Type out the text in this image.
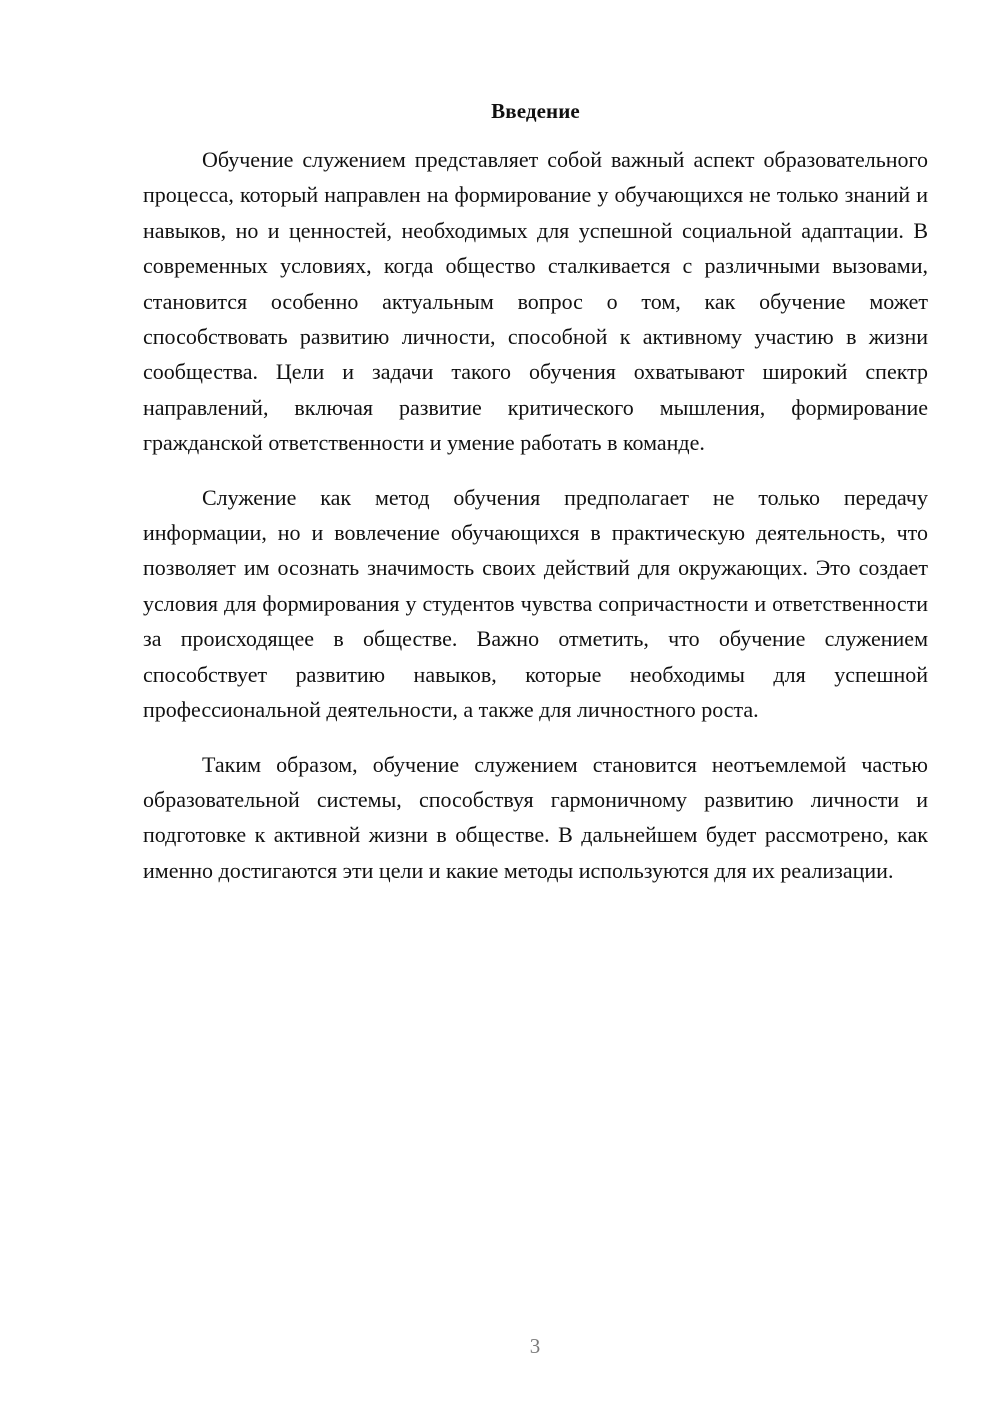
Введение

Обучение служением представляет собой важный аспект образовательного процесса, который направлен на формирование у обучающихся не только знаний и навыков, но и ценностей, необходимых для успешной социальной адаптации. В современных условиях, когда общество сталкивается с различными вызовами, становится особенно актуальным вопрос о том, как обучение может способствовать развитию личности, способной к активному участию в жизни сообщества. Цели и задачи такого обучения охватывают широкий спектр направлений, включая развитие критического мышления, формирование гражданской ответственности и умение работать в команде.

Служение как метод обучения предполагает не только передачу информации, но и вовлечение обучающихся в практическую деятельность, что позволяет им осознать значимость своих действий для окружающих. Это создает условия для формирования у студентов чувства сопричастности и ответственности за происходящее в обществе. Важно отметить, что обучение служением способствует развитию навыков, которые необходимы для успешной профессиональной деятельности, а также для личностного роста.

Таким образом, обучение служением становится неотъемлемой частью образовательной системы, способствуя гармоничному развитию личности и подготовке к активной жизни в обществе. В дальнейшем будет рассмотрено, как именно достигаются эти цели и какие методы используются для их реализации.

3
